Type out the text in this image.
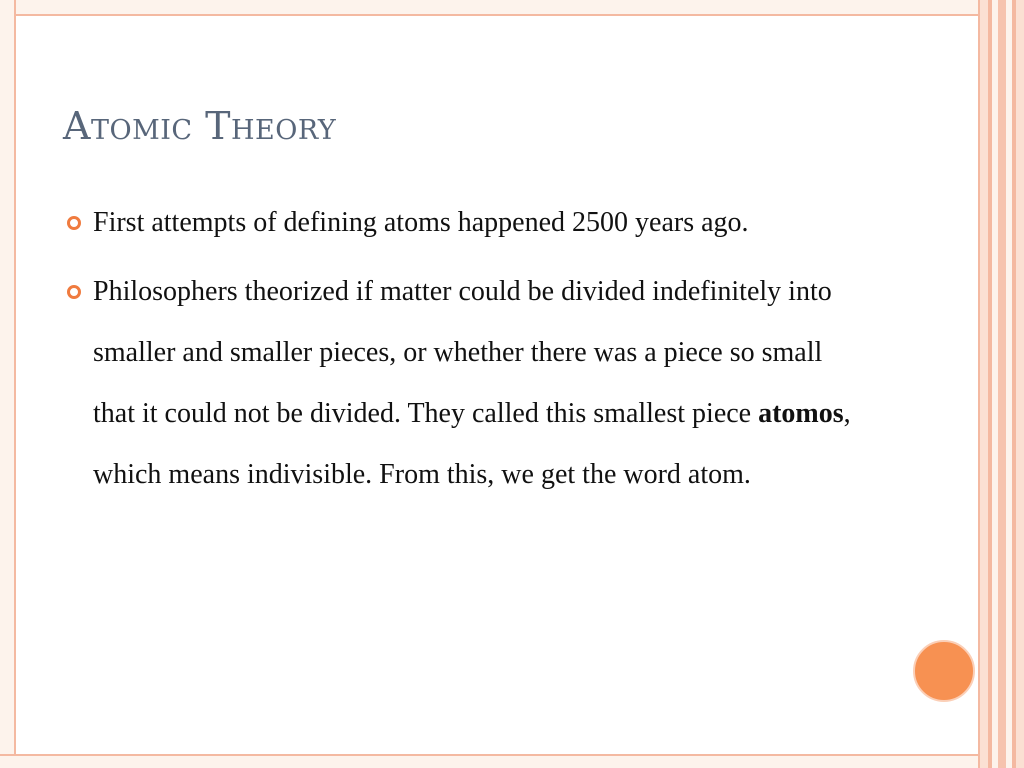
Atomic Theory
First attempts of defining atoms happened 2500 years ago.
Philosophers theorized if matter could be divided indefinitely into smaller and smaller pieces, or whether there was a piece so small that it could not be divided. They called this smallest piece atomos, which means indivisible. From this, we get the word atom.
